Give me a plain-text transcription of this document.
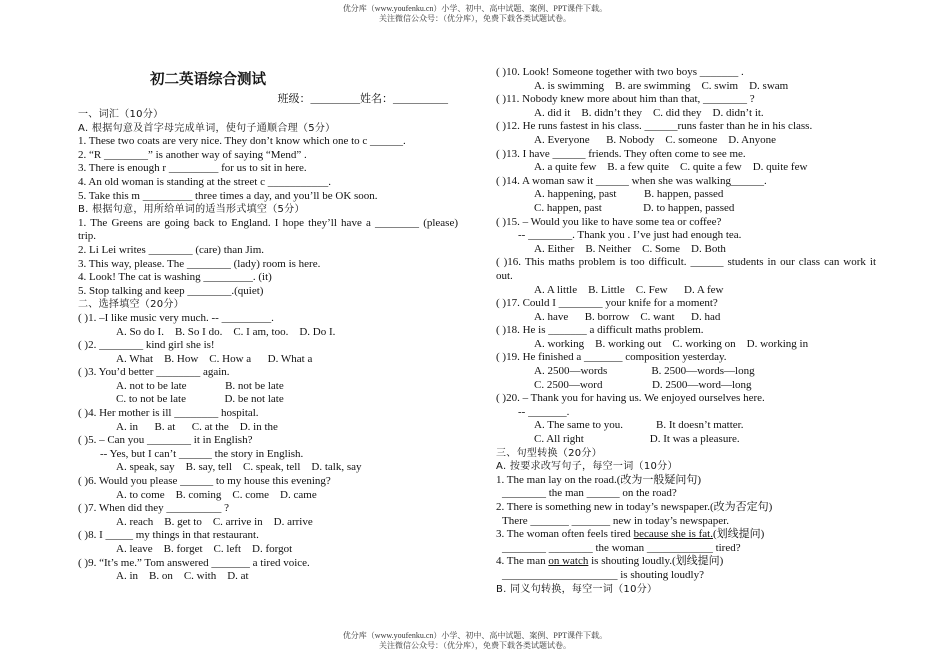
优分库（www.youfenku.cn）小学、初中、高中试题、案例、PPT课件下载。
关注微信公众号：（优分库），免费下载各类试题试卷。
初二英语综合测试
班级：_________姓名：__________
一、词汇（10分）
A. 根据句意及首字母完成单词，使句子通顺合理（5分）
1. These two coats are very nice. They don’t know which one to c ______.
2. “R ________” is another way of saying “Mend” .
3. There is enough r _________ for us to sit in here.
4. An old woman is standing at the street c ___________.
5. Take this m _________ three times a day, and you’ll be OK soon.
B. 根据句意，用所给单词的适当形式填空（5分）
1. The Greens are going back to England. I hope they’ll have a ________ (please) trip.
2. Li Lei writes ________ (care) than Jim.
3. This way, please. The ________ (lady) room is here.
4. Look! The cat is washing _________. (it)
5. Stop talking and keep ________.(quiet)
二、选择填空（20分）
( )1. –I like music very much. -- _________.
A. So do I.    B. So I do.    C. I am, too.    D. Do I.
( )2. ________ kind girl she is!
A. What    B. How    C. How a      D. What a
( )3. You’d better ________ again.
A. not to be late              B. not be late
C. to not be late              D. be not late
( )4. Her mother is ill ________ hospital.
A. in      B. at      C. at the    D. in the
( )5. – Can you ________ it in English?
-- Yes, but I can’t ______ the story in English.
A. speak, say    B. say, tell    C. speak, tell    D. talk, say
( )6. Would you please ______ to my house this evening?
A. to come    B. coming    C. come    D. came
( )7. When did they __________ ?
A. reach    B. get to    C. arrive in    D. arrive
( )8. I _____ my things in that restaurant.
A. leave    B. forget    C. left    D. forgot
( )9. “It’s me.” Tom answered _______ a tired voice.
A. in    B. on    C. with    D. at
( )10. Look! Someone together with two boys _______ .
A. is swimming    B. are swimming    C. swim    D. swam
( )11. Nobody knew more about him than that, ________ ?
A. did it    B. didn’t they    C. did they    D. didn’t it.
( )12. He runs fastest in his class. ______runs faster than he in his class.
A. Everyone      B. Nobody    C. someone    D. Anyone
( )13. I have ______ friends. They often come to see me.
A. a quite few    B. a few quite    C. quite a few    D. quite few
( )14. A woman saw it ______ when she was walking______.
A. happening, past          B. happen, passed
C. happen, past               D. to happen, passed
( )15. – Would you like to have some tea or coffee?
-- ________. Thank you . I’ve just had enough tea.
A. Either    B. Neither    C. Some    D. Both
( )16. This maths problem is too difficult. ______ students in our class can work it out.
A. A little    B. Little    C. Few      D. A few
( )17. Could I ________ your knife for a moment?
A. have      B. borrow    C. want      D. had
( )18. He is _______ a difficult maths problem.
A. working    B. working out    C. working on    D. working in
( )19. He finished a _______ composition yesterday.
A. 2500—words                B. 2500—words—long
C. 2500—word                  D. 2500—word—long
( )20. – Thank you for having us. We enjoyed ourselves here.
-- _______.
A. The same to you.            B. It doesn’t matter.
C. All right                        D. It was a pleasure.
三、句型转换（20分）
A. 按要求改写句子，每空一词（10分）
1. The man lay on the road.(改为一般疑问句)
________ the man ______ on the road?
2. There is something new in today’s newspaper.(改为否定句)
There _______ _______ new in today’s newspaper.
3. The woman often feels tired because she is fat.(划线提问)
________ ________ the woman ____________ tired?
4. The man on watch is shouting loudly.(划线提问)
_____________________ is shouting loudly?
B. 同义句转换，每空一词（10分）
优分库（www.youfenku.cn）小学、初中、高中试题、案例、PPT课件下载。
关注微信公众号：（优分库），免费下载各类试题试卷。
